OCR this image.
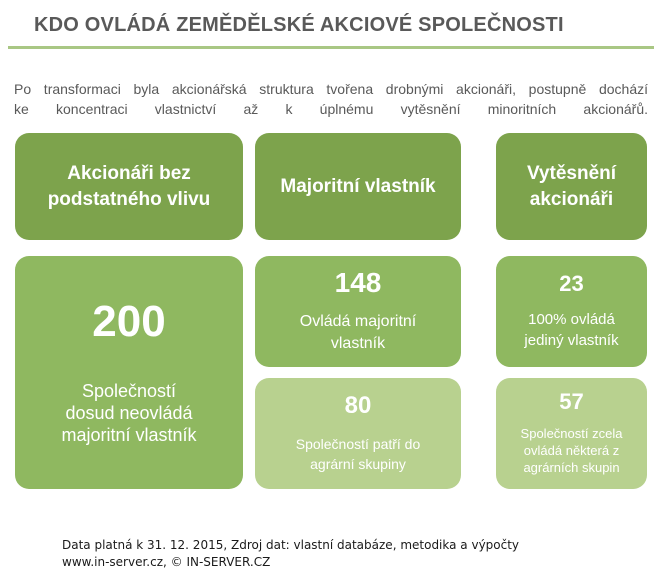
KDO OVLÁDÁ ZEMĚDĚLSKÉ AKCIOVÉ SPOLEČNOSTI
Po transformaci byla akcionářská struktura tvořena drobnými akcionáři, postupně dochází
ke koncentraci vlastnictví až k úplnému vytěsnění minoritních akcionářů.
Akcionáři bez
podstatného vlivu
200
Společností
dosud neovládá
majoritní vlastník
Majoritní vlastník
148
Ovládá majoritní
vlastník
80
Společností patří do
agrární skupiny
Vytěsnění
akcionáři
23
100% ovládá
jediný vlastník
57
Společností zcela
ovládá některá z
agrárních skupin
Data platná k 31. 12. 2015, Zdroj dat: vlastní databáze, metodika a výpočty
www.in-server.cz, © IN-SERVER.CZ
